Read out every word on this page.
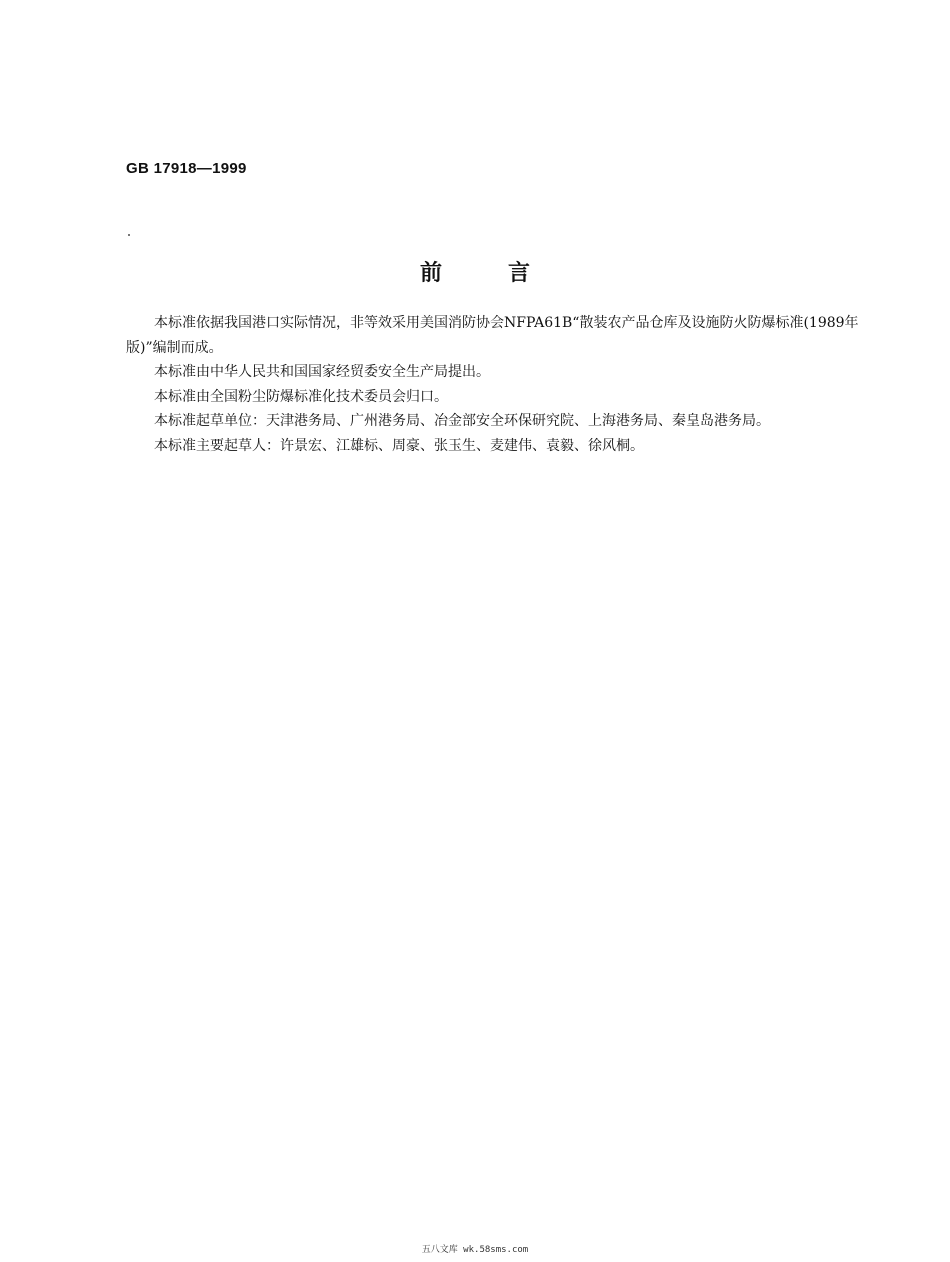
GB 17918—1999
前	言

本标准依据我国港口实际情况，非等效采用美国消防协会NFPA61B“散装农产品仓库及设施防火防爆标准(1989年版)”编制而成。

本标准由中华人民共和国国家经贸委安全生产局提出。

本标准由全国粉尘防爆标准化技术委员会归口。

本标准起草单位：天津港务局、广州港务局、冶金部安全环保研究院、上海港务局、秦皇岛港务局。

本标准主要起草人：许景宏、江雄标、周豪、张玉生、麦建伟、袁毅、徐风桐。

五八文库 wk.58sms.com
